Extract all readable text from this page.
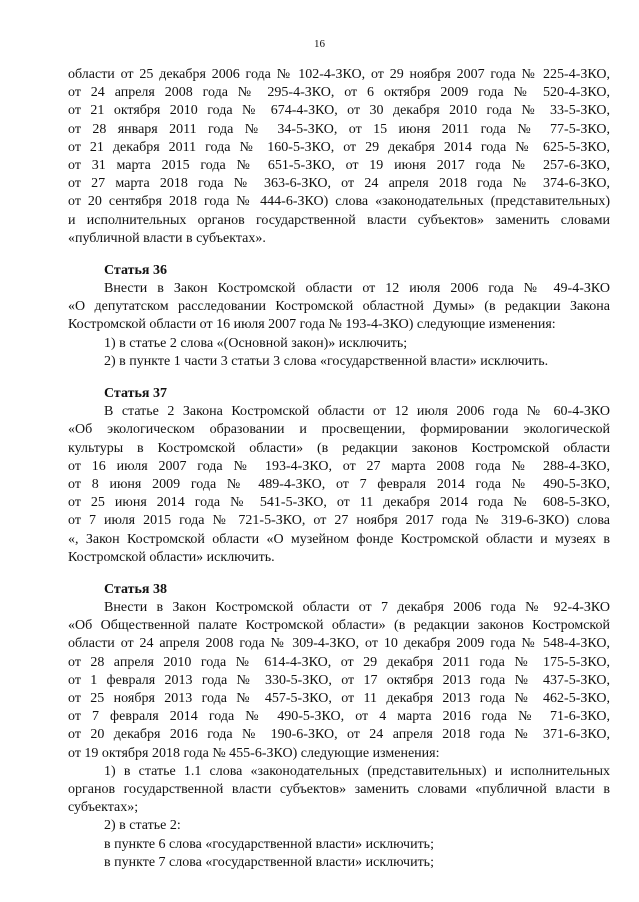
16
области от 25 декабря 2006 года № 102-4-ЗКО, от 29 ноября 2007 года № 225-4-ЗКО,
от 24 апреля 2008 года № 295-4-ЗКО, от 6 октября 2009 года № 520-4-ЗКО,
от 21 октября 2010 года № 674-4-ЗКО, от 30 декабря 2010 года № 33-5-ЗКО,
от 28 января 2011 года № 34-5-ЗКО, от 15 июня 2011 года № 77-5-ЗКО,
от 21 декабря 2011 года № 160-5-ЗКО, от 29 декабря 2014 года № 625-5-ЗКО,
от 31 марта 2015 года № 651-5-ЗКО, от 19 июня 2017 года № 257-6-ЗКО,
от 27 марта 2018 года № 363-6-ЗКО, от 24 апреля 2018 года № 374-6-ЗКО,
от 20 сентября 2018 года № 444-6-ЗКО) слова «законодательных (представительных)
и исполнительных органов государственной власти субъектов» заменить словами
«публичной власти в субъектах».
Статья 36
Внести в Закон Костромской области от 12 июля 2006 года № 49-4-ЗКО
«О депутатском расследовании Костромской областной Думы» (в редакции Закона
Костромской области от 16 июля 2007 года № 193-4-ЗКО) следующие изменения:
1) в статье 2 слова «(Основной закон)» исключить;
2) в пункте 1 части 3 статьи 3 слова «государственной власти» исключить.
Статья 37
В статье 2 Закона Костромской области от 12 июля 2006 года № 60-4-ЗКО
«Об экологическом образовании и просвещении, формировании экологической
культуры в Костромской области» (в редакции законов Костромской области
от 16 июля 2007 года № 193-4-ЗКО, от 27 марта 2008 года № 288-4-ЗКО,
от 8 июня 2009 года № 489-4-ЗКО, от 7 февраля 2014 года № 490-5-ЗКО,
от 25 июня 2014 года № 541-5-ЗКО, от 11 декабря 2014 года № 608-5-ЗКО,
от 7 июля 2015 года № 721-5-ЗКО, от 27 ноября 2017 года № 319-6-ЗКО) слова
«, Закон Костромской области «О музейном фонде Костромской области и музеях в
Костромской области» исключить.
Статья 38
Внести в Закон Костромской области от 7 декабря 2006 года № 92-4-ЗКО
«Об Общественной палате Костромской области» (в редакции законов Костромской
области от 24 апреля 2008 года № 309-4-ЗКО, от 10 декабря 2009 года № 548-4-ЗКО,
от 28 апреля 2010 года № 614-4-ЗКО, от 29 декабря 2011 года № 175-5-ЗКО,
от 1 февраля 2013 года № 330-5-ЗКО, от 17 октября 2013 года № 437-5-ЗКО,
от 25 ноября 2013 года № 457-5-ЗКО, от 11 декабря 2013 года № 462-5-ЗКО,
от 7 февраля 2014 года № 490-5-ЗКО, от 4 марта 2016 года № 71-6-ЗКО,
от 20 декабря 2016 года № 190-6-ЗКО, от 24 апреля 2018 года № 371-6-ЗКО,
от 19 октября 2018 года № 455-6-ЗКО) следующие изменения:
1) в статье 1.1 слова «законодательных (представительных) и исполнительных
органов государственной власти субъектов» заменить словами «публичной власти в
субъектах»;
2) в статье 2:
в пункте 6 слова «государственной власти» исключить;
в пункте 7 слова «государственной власти» исключить;
